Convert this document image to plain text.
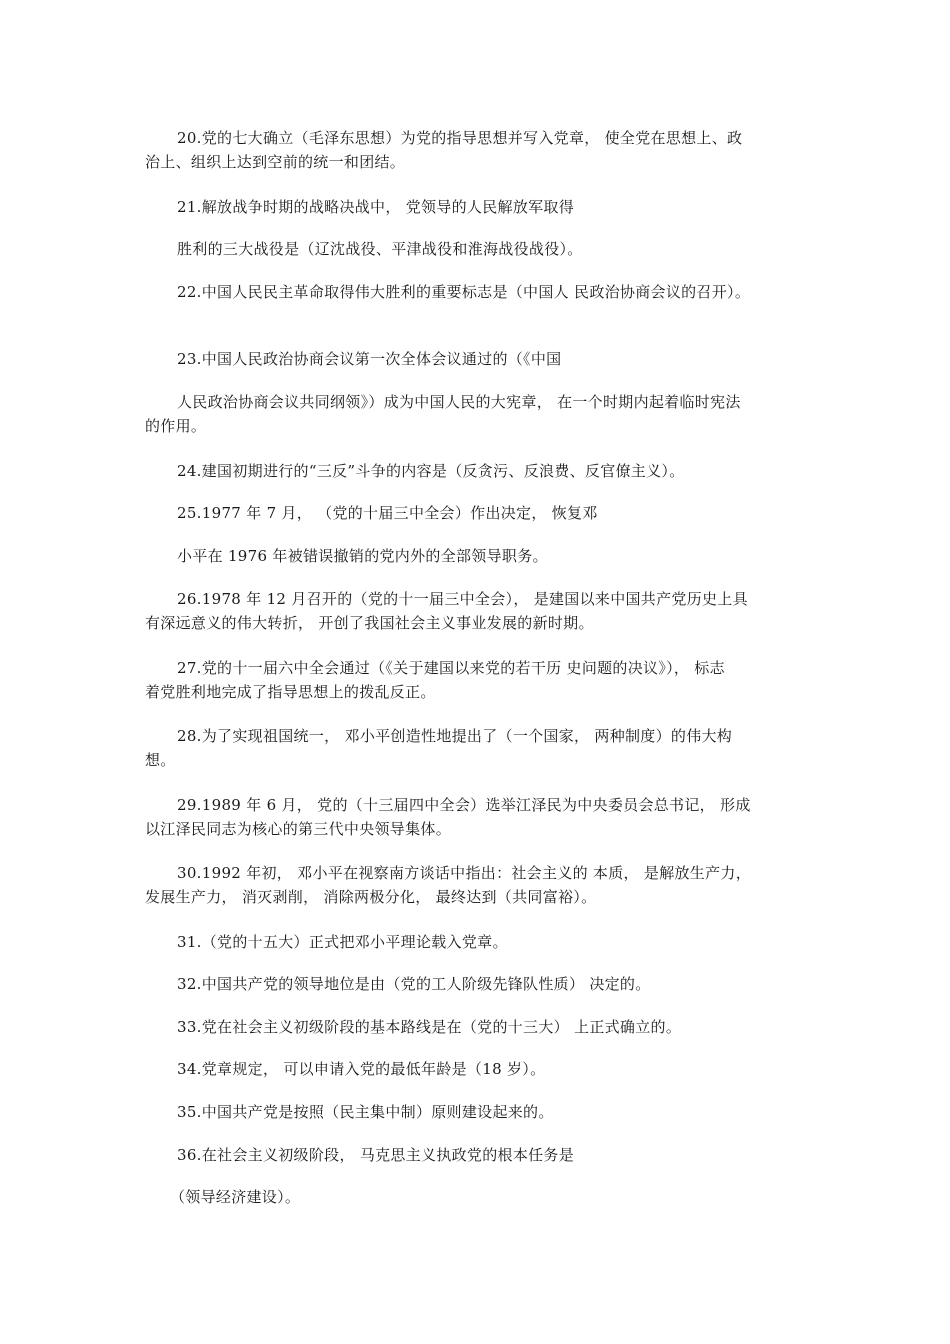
20.党的七大确立（毛泽东思想）为党的指导思想并写入党章， 使全党在思想上、政

治上、组织上达到空前的统一和团结。

21.解放战争时期的战略决战中， 党领导的人民解放军取得

胜利的三大战役是（辽沈战役、平津战役和淮海战役战役）。

22.中国人民民主革命取得伟大胜利的重要标志是（中国人 民政治协商会议的召开）。

23.中国人民政治协商会议第一次全体会议通过的（《中国

人民政治协商会议共同纲领》）成为中国人民的大宪章， 在一个时期内起着临时宪法

的作用。

24.建国初期进行的“三反”斗争的内容是（反贪污、反浪费、反官僚主义）。

25.1977 年 7 月， （党的十届三中全会）作出决定， 恢复邓

小平在 1976 年被错误撤销的党内外的全部领导职务。

26.1978 年 12 月召开的（党的十一届三中全会）， 是建国以来中国共产党历史上具

有深远意义的伟大转折， 开创了我国社会主义事业发展的新时期。

27.党的十一届六中全会通过（《关于建国以来党的若干历 史问题的决议》）， 标志

着党胜利地完成了指导思想上的拨乱反正。

28.为了实现祖国统一， 邓小平创造性地提出了（一个国家， 两种制度）的伟大构

想。

29.1989 年 6 月， 党的（十三届四中全会）选举江泽民为中央委员会总书记， 形成

以江泽民同志为核心的第三代中央领导集体。

30.1992 年初， 邓小平在视察南方谈话中指出：社会主义的 本质， 是解放生产力，

发展生产力， 消灭剥削， 消除两极分化， 最终达到（共同富裕）。

31.（党的十五大）正式把邓小平理论载入党章。

32.中国共产党的领导地位是由（党的工人阶级先锋队性质） 决定的。

33.党在社会主义初级阶段的基本路线是在（党的十三大） 上正式确立的。

34.党章规定， 可以申请入党的最低年龄是（18 岁）。

35.中国共产党是按照（民主集中制）原则建设起来的。

36.在社会主义初级阶段， 马克思主义执政党的根本任务是

（领导经济建设）。
